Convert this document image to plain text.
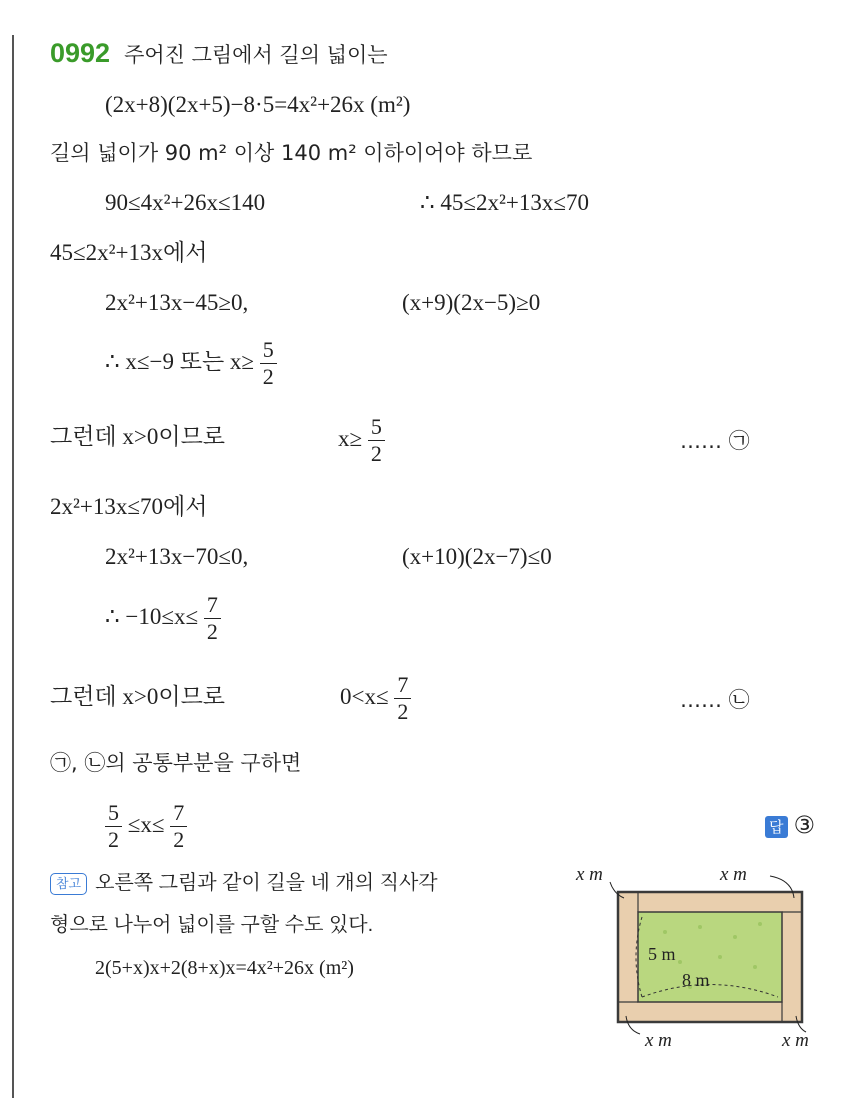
0992 주어진 그림에서 길의 넓이는
(2x+8)(2x+5)−8·5=4x²+26x (m²)
길의 넓이가 90 m² 이상 140 m² 이하이어야 하므로
90≤4x²+26x≤140	∴ 45≤2x²+13x≤70
45≤2x²+13x에서
2x²+13x−45≥0,	(x+9)(2x−5)≥0
∴ x≤−9 또는 $x\ge \frac{5}{2}$
그런데 x>0이므로	$x\ge \frac{5}{2}$	…… ㉠
2x²+13x≤70에서
2x²+13x−70≤0,	(x+10)(2x−7)≤0
∴ $-10\le x\le \frac{7}{2}$
그런데 x>0이므로	$0<x\le \frac{7}{2}$	…… ㉡
㉠, ㉡의 공통부분을 구하면
$\frac{5}{2} \le x\le \frac{7}{2}$	답 ③
참고 오른쪽 그림과 같이 길을 네 개의 직사각
형으로 나누어 넓이를 구할 수도 있다.
2(5+x)x+2(8+x)x=4x²+26x (m²)
5 m
8 m
x m	x m
x m	x m
